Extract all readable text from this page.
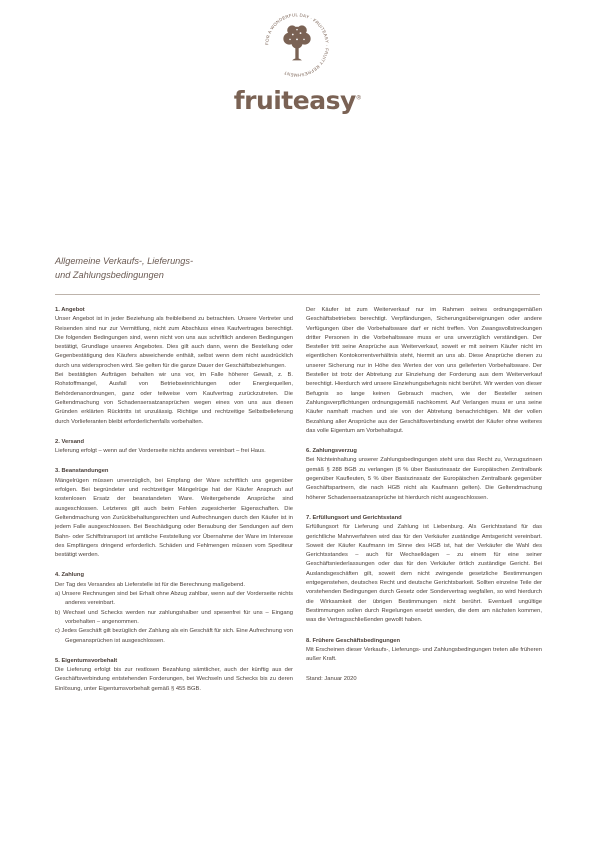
FOR A WONDERFUL DAY · FRUITEASY · FRUITY REFRESHMENT
fruiteasy®
Allgemeine Verkaufs-, Lieferungs-
und Zahlungsbedingungen

1. Angebot

Unser Angebot ist in jeder Beziehung als freibleibend zu betrachten. Unsere Vertreter und Reisenden sind nur zur Vermittlung, nicht zum Abschluss eines Kaufvertrages berechtigt. Die folgenden Bedingungen sind, wenn nicht von uns aus schriftlich anderen Bedingungen bestätigt, Grundlage unseres Angebotes. Dies gilt auch dann, wenn die Bestellung oder Gegenbestätigung des Käufers abweichende enthält, selbst wenn dem nicht ausdrücklich durch uns widersprochen wird. Sie gelten für die ganze Dauer der Geschäftsbeziehungen.

Bei bestätigten Aufträgen behalten wir uns vor, im Falle höherer Gewalt, z. B. Rohstoffmangel, Ausfall von Betriebseinrichtungen oder Energiequellen, Behördenanordnungen, ganz oder teilweise vom Kaufvertrag zurückzutreten. Die Geltendmachung von Schadensersatzansprüchen wegen eines von uns aus diesen Gründen erklärten Rücktritts ist unzulässig. Richtige und rechtzeitige Selbstbelieferung durch Vorlieferanten bleibt erforderlichenfalls vorbehalten.

2. Versand

Lieferung erfolgt – wenn auf der Vorderseite nichts anderes vereinbart – frei Haus.

3. Beanstandungen

Mängelrügen müssen unverzüglich, bei Empfang der Ware schriftlich uns gegenüber erfolgen. Bei begründeter und rechtzeitiger Mängelrüge hat der Käufer Anspruch auf kostenlosen Ersatz der beanstandeten Ware. Weitergehende Ansprüche sind ausgeschlossen. Letzteres gilt auch beim Fehlen zugesicherter Eigenschaften. Die Geltendmachung von Zurückbehaltungsrechten und Aufrechnungen durch den Käufer ist in jedem Falle ausgeschlossen. Bei Beschädigung oder Beraubung der Sendungen auf dem Bahn- oder Schiffstransport ist amtliche Feststellung vor Übernahme der Ware im Interesse des Empfängers dringend erforderlich. Schäden und Fehlmengen müssen vom Spediteur bestätigt werden.

4. Zahlung

Der Tag des Versandes ab Lieferstelle ist für die Berechnung maßgebend.

a) Unsere Rechnungen sind bei Erhalt ohne Abzug zahlbar, wenn auf der Vorderseite nichts anderes vereinbart.
b) Wechsel und Schecks werden nur zahlungshalber und spesenfrei für uns – Eingang vorbehalten – angenommen.
c) Jedes Geschäft gilt bezüglich der Zahlung als ein Geschäft für sich. Eine Aufrechnung von Gegenansprüchen ist ausgeschlossen.

5. Eigentumsvorbehalt

Die Lieferung erfolgt bis zur restlosen Bezahlung sämtlicher, auch der künftig aus der Geschäftsverbindung entstehenden Forderungen, bei Wechseln und Schecks bis zu deren Einlösung, unter Eigentumsvorbehalt gemäß § 455 BGB.

Der Käufer ist zum Weiterverkauf nur im Rahmen seines ordnungsgemäßen Geschäftsbetriebes berechtigt. Verpfändungen, Sicherungsübereignungen oder andere Verfügungen über die Vorbehaltsware darf er nicht treffen. Von Zwangsvollstreckungen dritter Personen in die Vorbehaltsware muss er uns unverzüglich verständigen. Der Besteller tritt seine Ansprüche aus Weiterverkauf, soweit er mit seinem Käufer nicht im eigentlichen Kontokorrentverhältnis steht, hiermit an uns ab. Diese Ansprüche dienen zu unserer Sicherung nur in Höhe des Wertes der von uns gelieferten Vorbehaltsware. Der Besteller ist trotz der Abtretung zur Einziehung der Forderung aus dem Weiterverkauf berechtigt. Hierdurch wird unsere Einziehungsbefugnis nicht berührt. Wir werden von dieser Befugnis so lange keinen Gebrauch machen, wie der Besteller seinen Zahlungsverpflichtungen ordnungsgemäß nachkommt. Auf Verlangen muss er uns seine Käufer namhaft machen und sie von der Abtretung benachrichtigen. Mit der vollen Bezahlung aller Ansprüche aus der Geschäftsverbindung erwirbt der Käufer ohne weiteres das volle Eigentum am Vorbehaltsgut.

6. Zahlungsverzug

Bei Nichteinhaltung unserer Zahlungsbedingungen steht uns das Recht zu, Verzugszinsen gemäß § 288 BGB zu verlangen (8 % über Basiszinssatz der Europäischen Zentralbank gegenüber Kaufleuten, 5 % über Basiszinssatz der Europäischen Zentralbank gegenüber Geschäftspartnern, die nach HGB nicht als Kaufmann gelten). Die Geltendmachung höherer Schadensersatzansprüche ist hierdurch nicht ausgeschlossen.

7. Erfüllungsort und Gerichtsstand

Erfüllungsort für Lieferung und Zahlung ist Liebenburg. Als Gerichtsstand für das gerichtliche Mahnverfahren wird das für den Verkäufer zuständige Amtsgericht vereinbart. Soweit der Käufer Kaufmann im Sinne des HGB ist, hat der Verkäufer die Wahl des Gerichtsstandes – auch für Wechselklagen – zu einem für eine seiner Geschäftsniederlassungen oder das für den Verkäufer örtlich zuständige Gericht. Bei Auslandsgeschäften gilt, soweit dem nicht zwingende gesetzliche Bestimmungen entgegenstehen, deutsches Recht und deutsche Gerichtsbarkeit. Sollten einzelne Teile der vorstehenden Bedingungen durch Gesetz oder Sondervertrag wegfallen, so wird hierdurch die Wirksamkeit der übrigen Bestimmungen nicht berührt. Eventuell ungültige Bestimmungen sollen durch Regelungen ersetzt werden, die dem am nächsten kommen, was die Vertragsschließenden gewollt haben.

8. Frühere Geschäftsbedingungen

Mit Erscheinen dieser Verkaufs-, Lieferungs- und Zahlungsbedingungen treten alle früheren außer Kraft.

Stand: Januar 2020
